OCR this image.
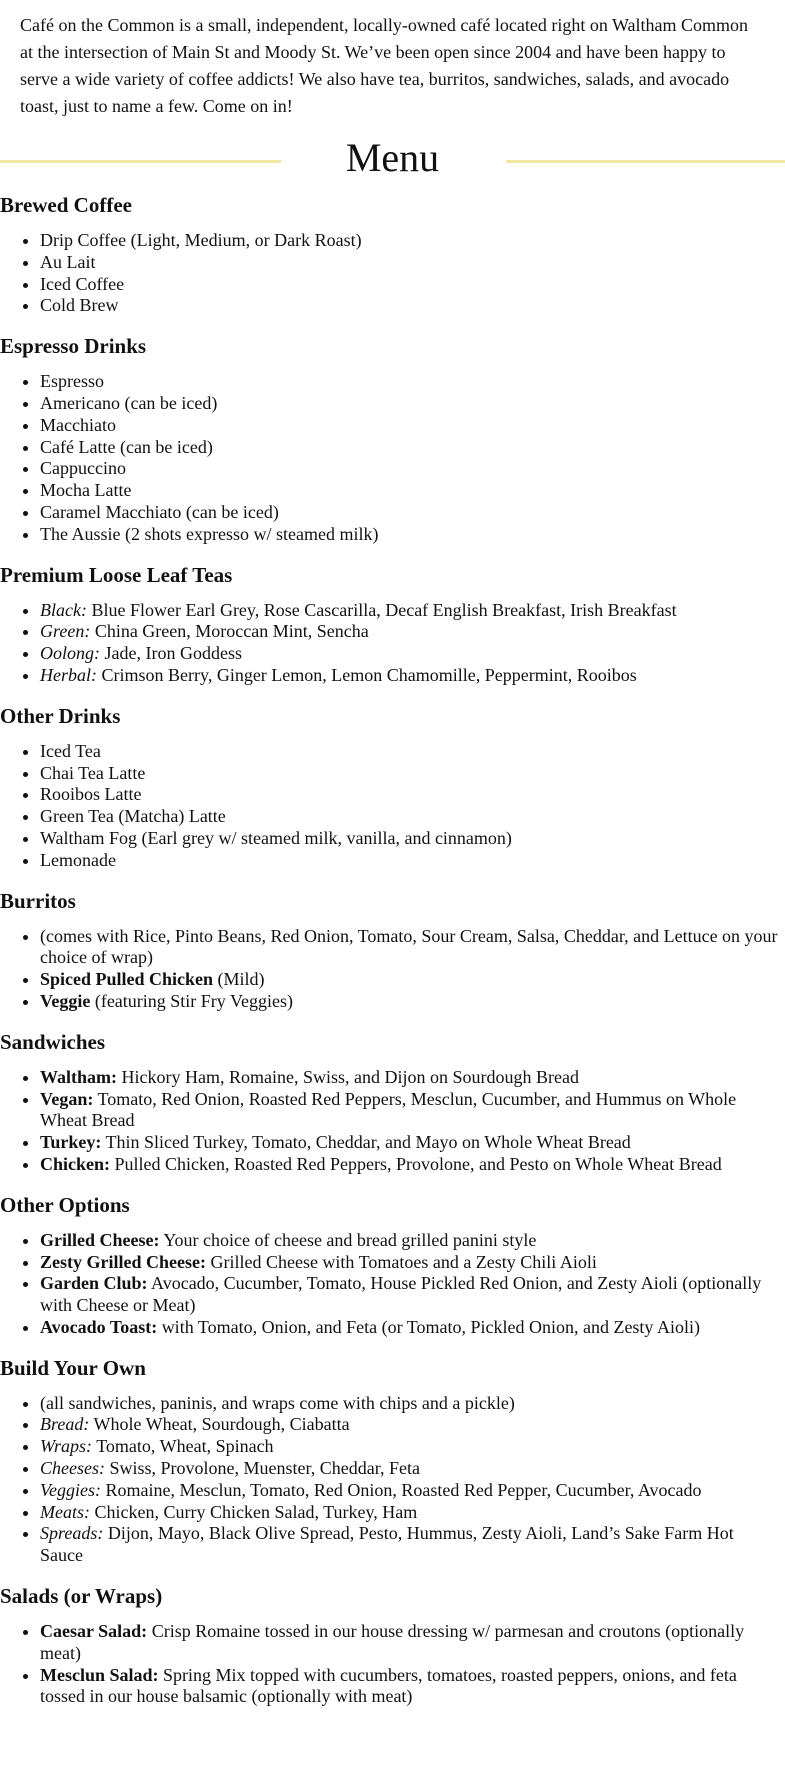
Café on the Common is a small, independent, locally-owned café located right on Waltham Common at the intersection of Main St and Moody St. We’ve been open since 2004 and have been happy to serve a wide variety of coffee addicts! We also have tea, burritos, sandwiches, salads, and avocado toast, just to name a few. Come on in!

Menu
Brewed Coffee
• Drip Coffee (Light, Medium, or Dark Roast)
• Au Lait
• Iced Coffee
• Cold Brew
Espresso Drinks
• Espresso
• Americano (can be iced)
• Macchiato
• Café Latte (can be iced)
• Cappuccino
• Mocha Latte
• Caramel Macchiato (can be iced)
• The Aussie (2 shots expresso w/ steamed milk)
Premium Loose Leaf Teas
• Black: Blue Flower Earl Grey, Rose Cascarilla, Decaf English Breakfast, Irish Breakfast
• Green: China Green, Moroccan Mint, Sencha
• Oolong: Jade, Iron Goddess
• Herbal: Crimson Berry, Ginger Lemon, Lemon Chamomille, Peppermint, Rooibos
Other Drinks
• Iced Tea
• Chai Tea Latte
• Rooibos Latte
• Green Tea (Matcha) Latte
• Waltham Fog (Earl grey w/ steamed milk, vanilla, and cinnamon)
• Lemonade
Burritos
• (comes with Rice, Pinto Beans, Red Onion, Tomato, Sour Cream, Salsa, Cheddar, and Lettuce on your choice of wrap)
• Spiced Pulled Chicken (Mild)
• Veggie (featuring Stir Fry Veggies)
Sandwiches
• Waltham: Hickory Ham, Romaine, Swiss, and Dijon on Sourdough Bread
• Vegan: Tomato, Red Onion, Roasted Red Peppers, Mesclun, Cucumber, and Hummus on Whole Wheat Bread
• Turkey: Thin Sliced Turkey, Tomato, Cheddar, and Mayo on Whole Wheat Bread
• Chicken: Pulled Chicken, Roasted Red Peppers, Provolone, and Pesto on Whole Wheat Bread
Other Options
• Grilled Cheese: Your choice of cheese and bread grilled panini style
• Zesty Grilled Cheese: Grilled Cheese with Tomatoes and a Zesty Chili Aioli
• Garden Club: Avocado, Cucumber, Tomato, House Pickled Red Onion, and Zesty Aioli (optionally with Cheese or Meat)
• Avocado Toast: with Tomato, Onion, and Feta (or Tomato, Pickled Onion, and Zesty Aioli)
Build Your Own
• (all sandwiches, paninis, and wraps come with chips and a pickle)
• Bread: Whole Wheat, Sourdough, Ciabatta
• Wraps: Tomato, Wheat, Spinach
• Cheeses: Swiss, Provolone, Muenster, Cheddar, Feta
• Veggies: Romaine, Mesclun, Tomato, Red Onion, Roasted Red Pepper, Cucumber, Avocado
• Meats: Chicken, Curry Chicken Salad, Turkey, Ham
• Spreads: Dijon, Mayo, Black Olive Spread, Pesto, Hummus, Zesty Aioli, Land’s Sake Farm Hot Sauce
Salads (or Wraps)
• Caesar Salad: Crisp Romaine tossed in our house dressing w/ parmesan and croutons (optionally meat)
• Mesclun Salad: Spring Mix topped with cucumbers, tomatoes, roasted peppers, onions, and feta tossed in our house balsamic (optionally with meat)
